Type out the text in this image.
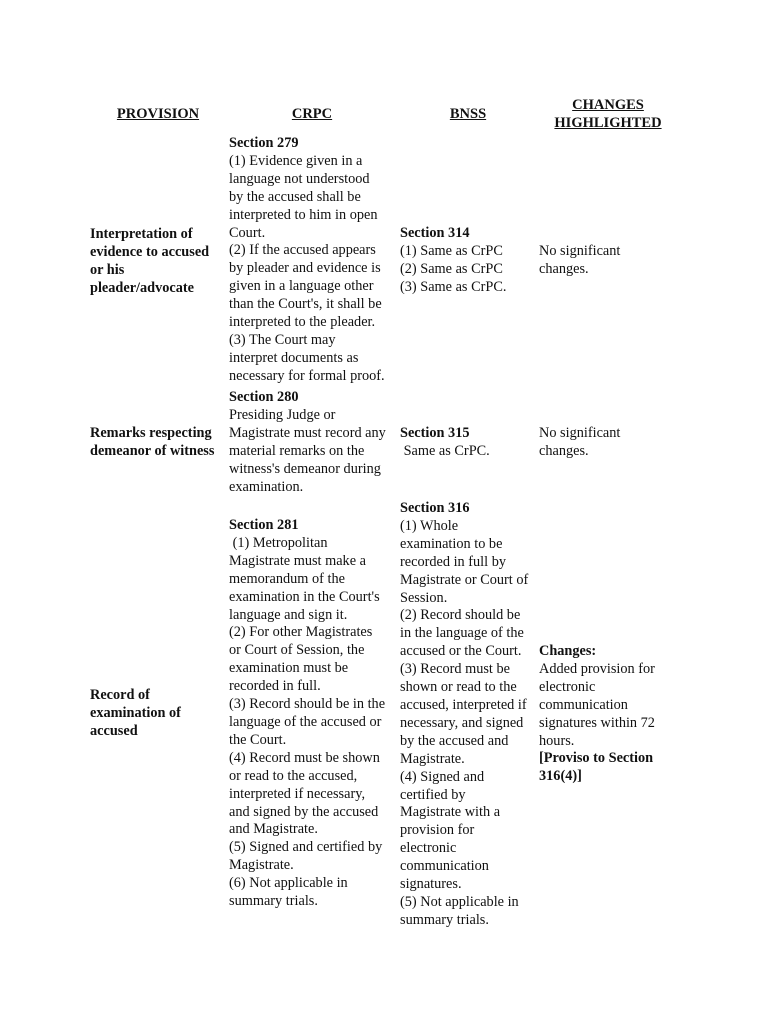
PROVISION	CRPC	BNSS
CHANGES
HIGHLIGHTED
Interpretation of
evidence to accused
or his
pleader/advocate
Section 279
(1) Evidence given in a
language not understood
by the accused shall be
interpreted to him in open
Court.
(2) If the accused appears
by pleader and evidence is
given in a language other
than the Court's, it shall be
interpreted to the pleader.
(3) The Court may
interpret documents as
necessary for formal proof.
Section 314
(1) Same as CrPC
(2) Same as CrPC
(3) Same as CrPC.
No significant
changes.
Remarks respecting
demeanor of witness
Section 280
Presiding Judge or
Magistrate must record any
material remarks on the
witness's demeanor during
examination.
Section 315
Same as CrPC.
No significant
changes.
Record of
examination of
accused
Section 281
(1) Metropolitan
Magistrate must make a
memorandum of the
examination in the Court's
language and sign it.
(2) For other Magistrates
or Court of Session, the
examination must be
recorded in full.
(3) Record should be in the
language of the accused or
the Court.
(4) Record must be shown
or read to the accused,
interpreted if necessary,
and signed by the accused
and Magistrate.
(5) Signed and certified by
Magistrate.
(6) Not applicable in
summary trials.
Section 316
(1) Whole
examination to be
recorded in full by
Magistrate or Court of
Session.
(2) Record should be
in the language of the
accused or the Court.
(3) Record must be
shown or read to the
accused, interpreted if
necessary, and signed
by the accused and
Magistrate.
(4) Signed and
certified by
Magistrate with a
provision for
electronic
communication
signatures.
(5) Not applicable in
summary trials.
Changes:
Added provision for
electronic
communication
signatures within 72
hours.
[Proviso to Section
316(4)]
